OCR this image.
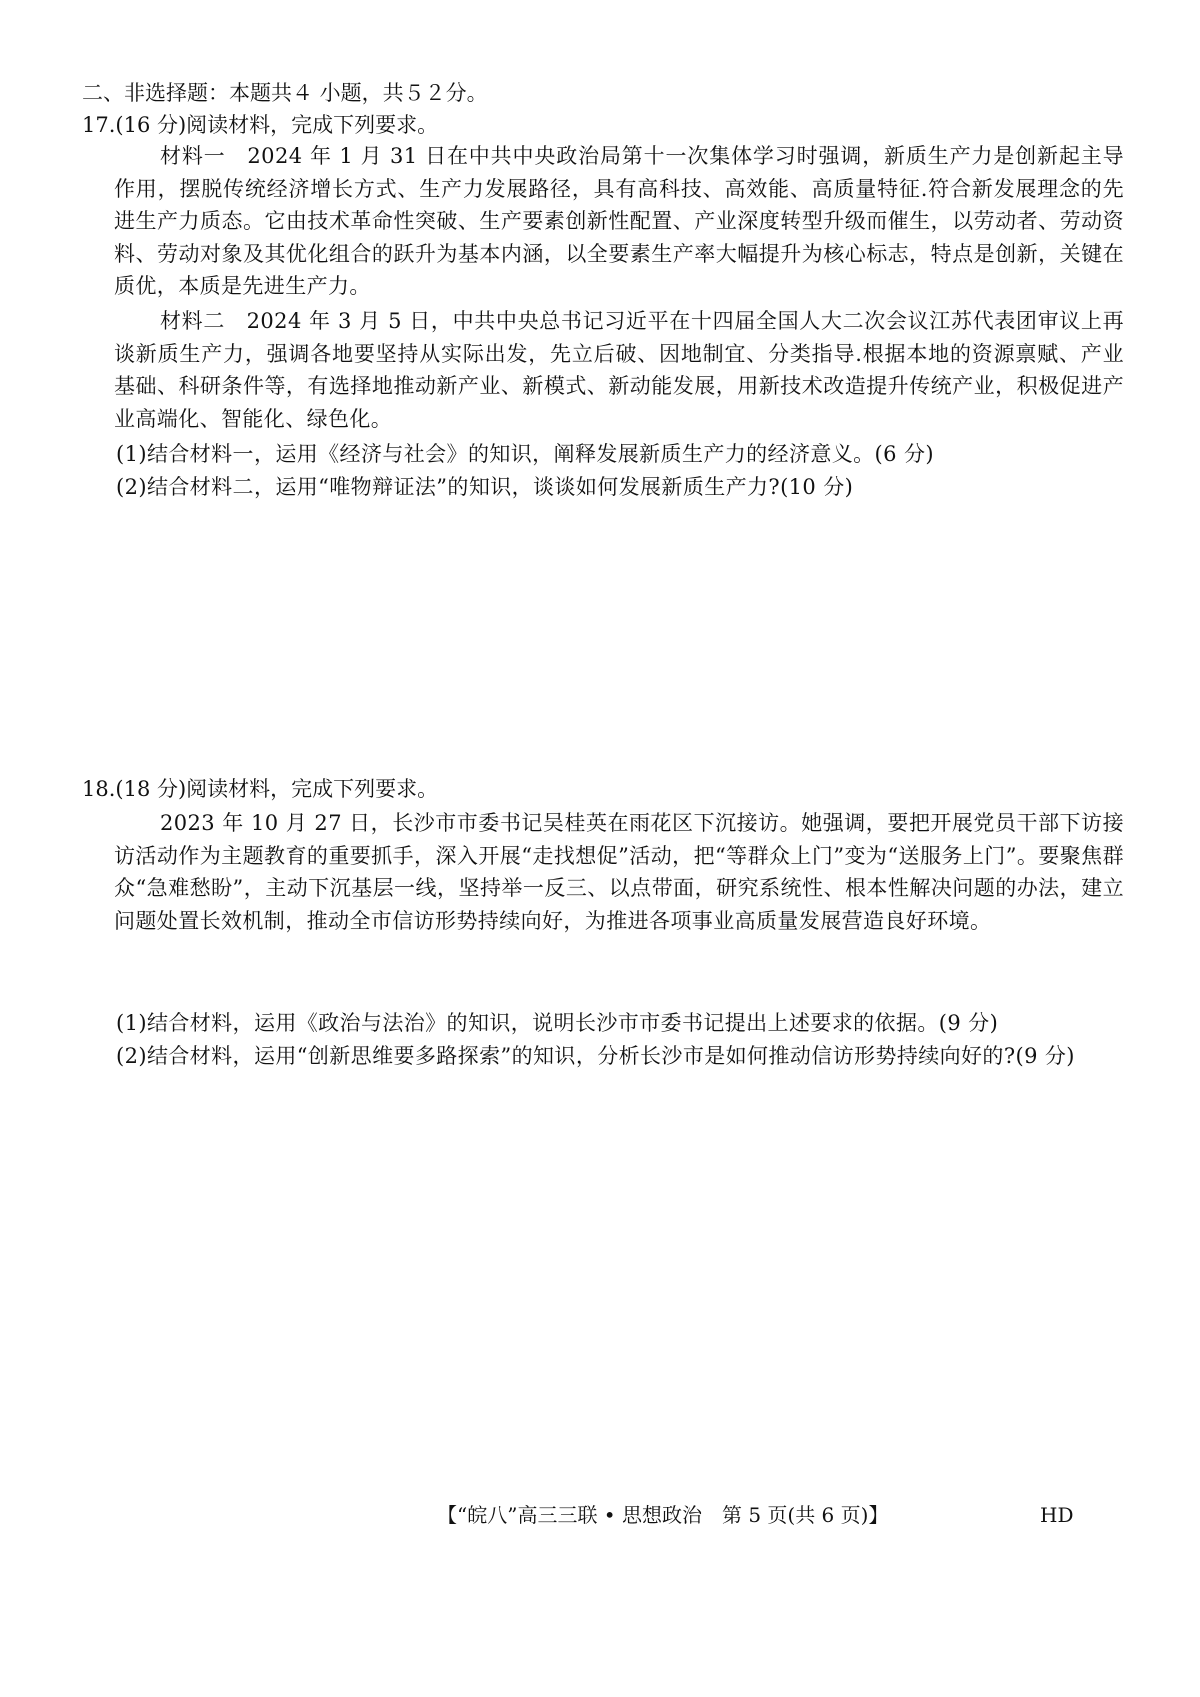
二、非选择题：本题共４ 小题，共５２分。
17.(16 分)阅读材料，完成下列要求。
材料一　2024 年 1 月 31 日在中共中央政治局第十一次集体学习时强调，新质生产力是创新起主导作用，摆脱传统经济增长方式、生产力发展路径，具有高科技、高效能、高质量特征.符合新发展理念的先进生产力质态。它由技术革命性突破、生产要素创新性配置、产业深度转型升级而催生，以劳动者、劳动资料、劳动对象及其优化组合的跃升为基本内涵，以全要素生产率大幅提升为核心标志，特点是创新，关键在质优，本质是先进生产力。
材料二　2024 年 3 月 5 日，中共中央总书记习近平在十四届全国人大二次会议江苏代表团审议上再谈新质生产力，强调各地要坚持从实际出发，先立后破、因地制宜、分类指导.根据本地的资源禀赋、产业基础、科研条件等，有选择地推动新产业、新模式、新动能发展，用新技术改造提升传统产业，积极促进产业高端化、智能化、绿色化。
(1)结合材料一，运用《经济与社会》的知识，阐释发展新质生产力的经济意义。(6 分)
(2)结合材料二，运用“唯物辩证法”的知识，谈谈如何发展新质生产力?(10 分)
18.(18 分)阅读材料，完成下列要求。
2023 年 10 月 27 日，长沙市市委书记吴桂英在雨花区下沉接访。她强调，要把开展党员干部下访接访活动作为主题教育的重要抓手，深入开展“走找想促”活动，把“等群众上门”变为“送服务上门”。要聚焦群众“急难愁盼”，主动下沉基层一线，坚持举一反三、以点带面，研究系统性、根本性解决问题的办法，建立问题处置长效机制，推动全市信访形势持续向好，为推进各项事业高质量发展营造良好环境。
(1)结合材料，运用《政治与法治》的知识，说明长沙市市委书记提出上述要求的依据。(9 分)
(2)结合材料，运用“创新思维要多路探索”的知识，分析长沙市是如何推动信访形势持续向好的?(9 分)
【“皖八”高三三联 • 思想政治　第 5 页(共 6 页)】	HD
